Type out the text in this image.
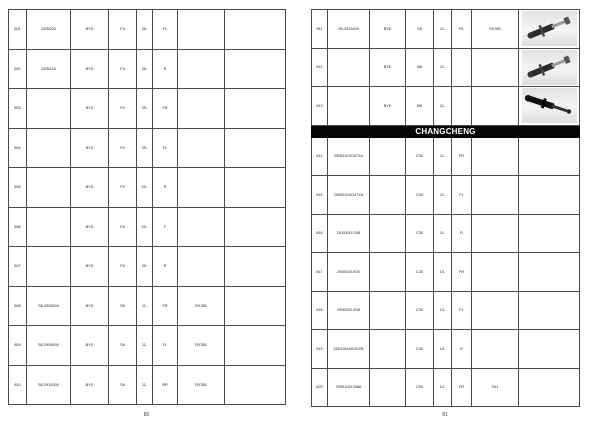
801	2905200	BYD	F3	06-	FL		
802	2905100	BYD	F3	06-	R		
803		BYD	F0	09-	FR		
804		BYD	F0	09-	FL		
805		BYD	F0	09-	R		
806		BYD	F6	09-	F		
807		BYD	F6	09-	R		
808	S6-2905500	BYD	S6	11-	FR	RX350	
809	S6-2905600	BYD	S6	11-	FL	RX350	
810	S6-2915300	BYD	S6	11-	RR	RX350	
80
811	S6-2915400	BYD	S6	11-	RL	RX350	

812		BYD	M6	11-			

813		BYD	M6	11-			

CHANGCHENG							
814	2905110XG47XA		C30	11-	FR		
815	2905210XG47XA		C30	11-	FL		
816	2915100-G08		C30	11-	R		
817	2905100-K00		C30	10-	FR		
818	2905200-S08		C30	10-	FL		
819	2915100AKG0XB		C30	10-	R		
820	2905110XJ08A		C50	12-	FR	FA1	
81
